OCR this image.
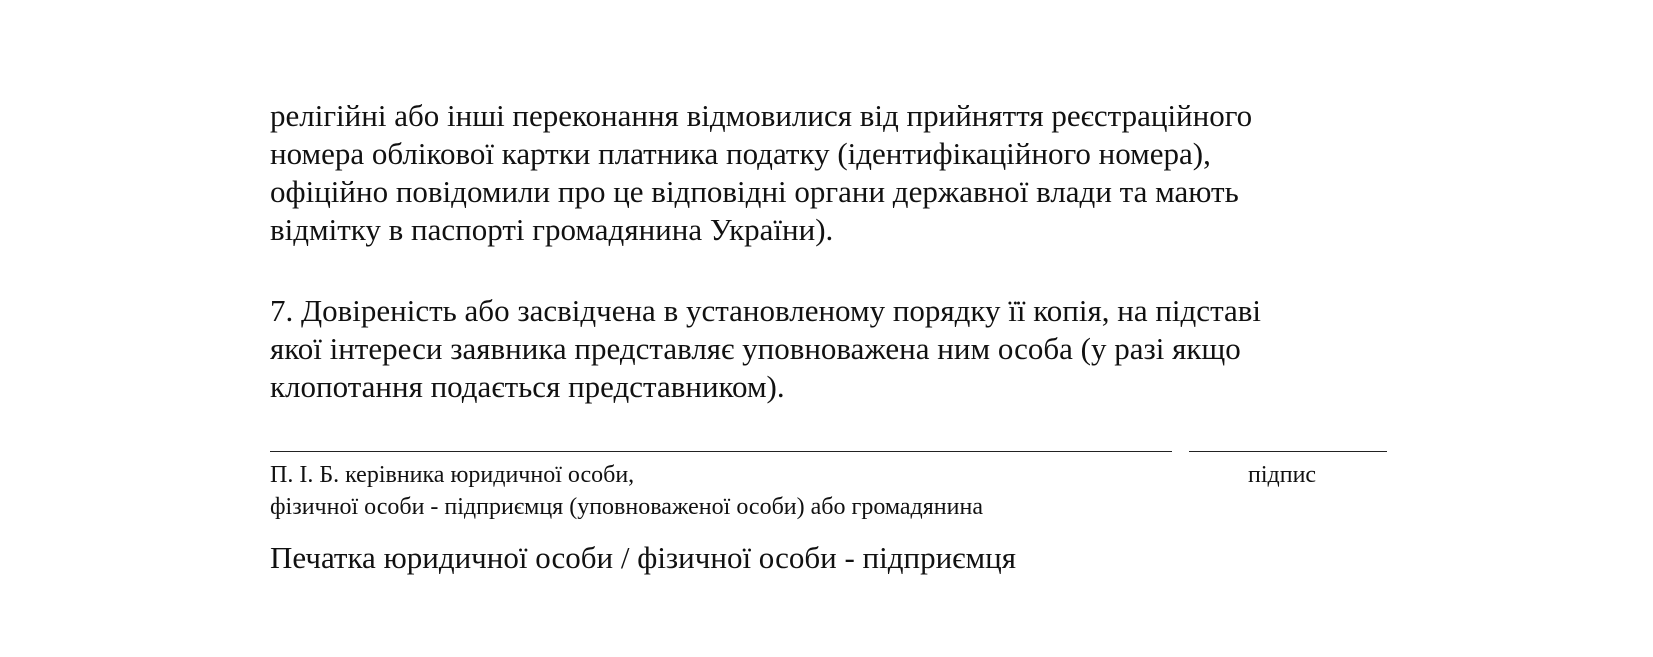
релігійні або інші переконання відмовилися від прийняття реєстраційного
номера облікової картки платника податку (ідентифікаційного номера),
офіційно повідомили про це відповідні органи державної влади та мають
відмітку в паспорті громадянина України).

7. Довіреність або засвідчена в установленому порядку її копія, на підставі
якої інтереси заявника представляє уповноважена ним особа (у разі якщо
клопотання подається представником).

П. І. Б. керівника юридичної особи,

фізичної особи - підприємця (уповноваженої особи) або громадянина

підпис

Печатка юридичної особи / фізичної особи - підприємця
